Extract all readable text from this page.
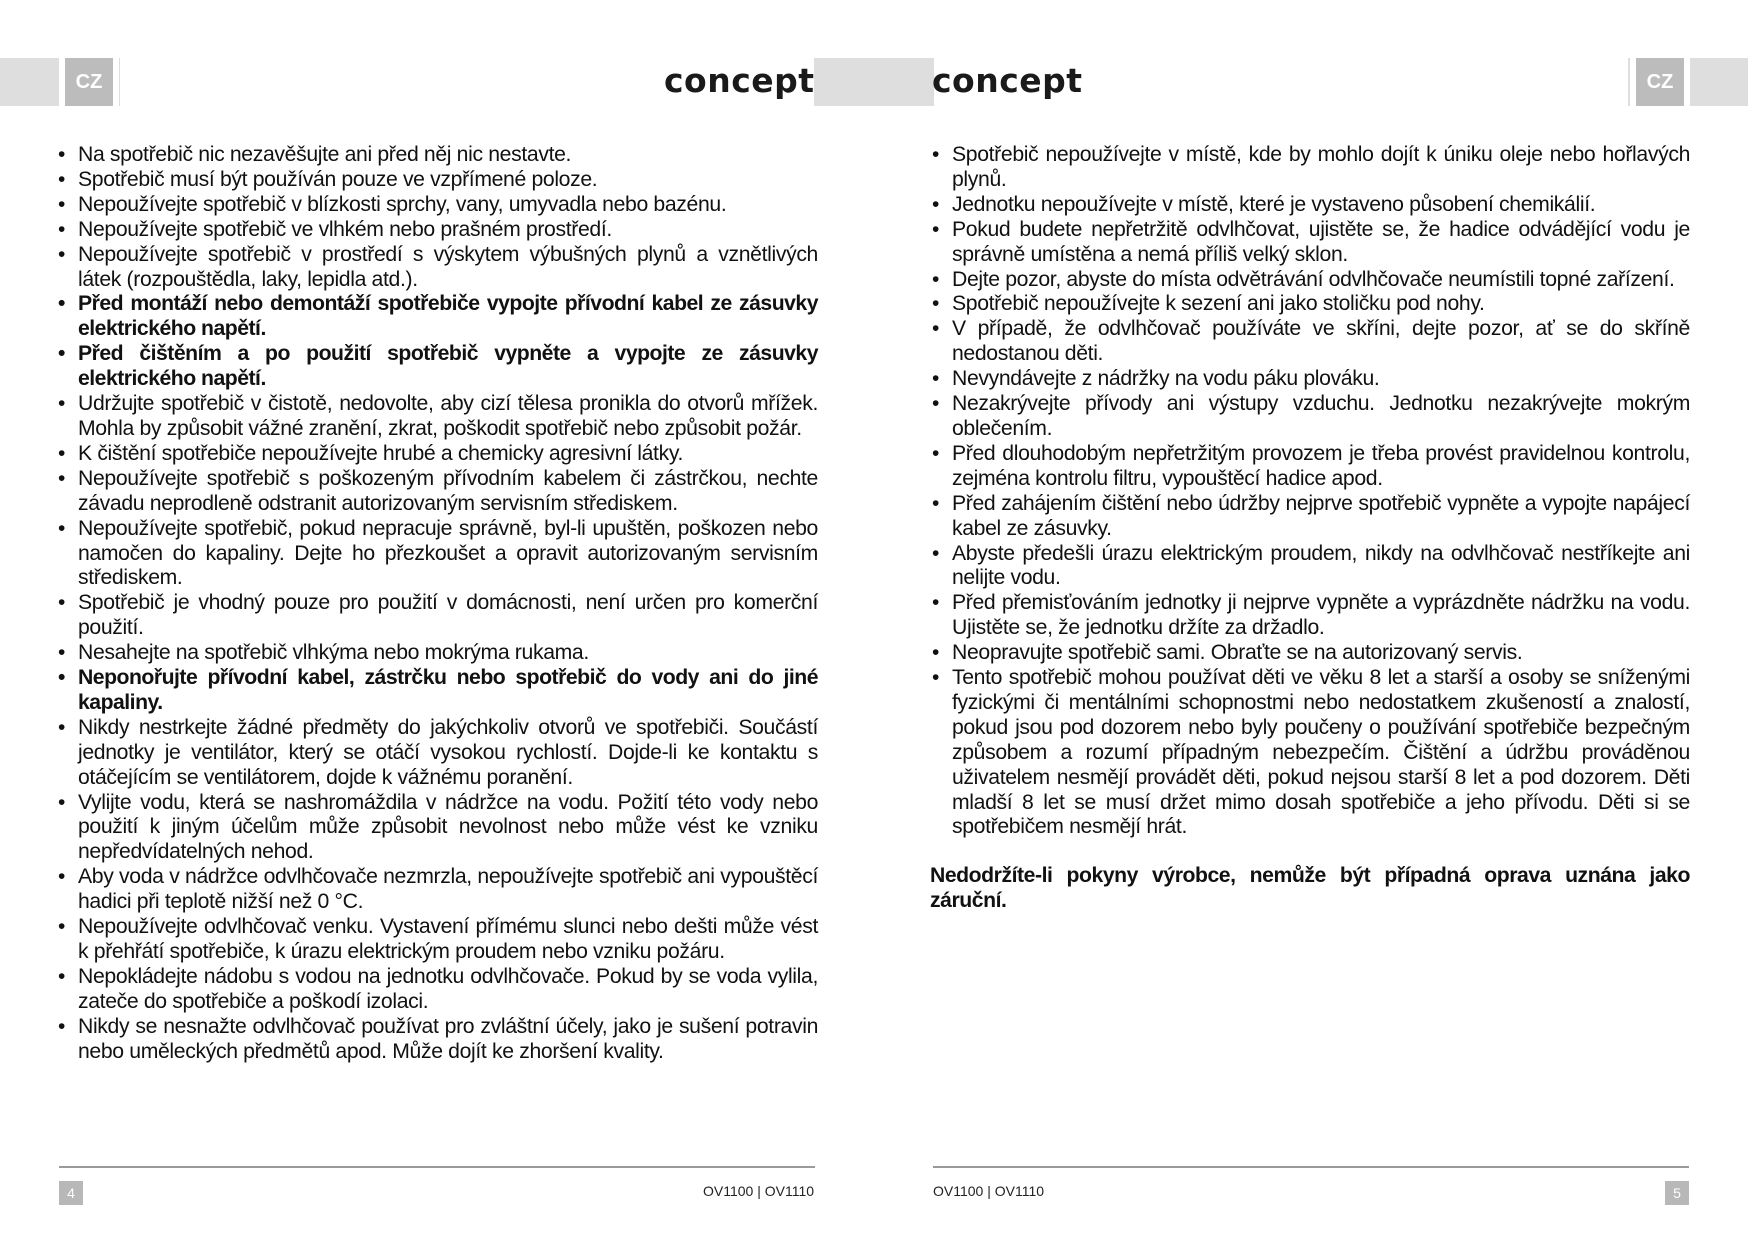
CZ	CZ
concept	concept
• Na spotřebič nic nezavěšujte ani před něj nic nestavte.
• Spotřebič musí být používán pouze ve vzpřímené poloze.
• Nepoužívejte spotřebič v blízkosti sprchy, vany, umyvadla nebo bazénu.
• Nepoužívejte spotřebič ve vlhkém nebo prašném prostředí.
• Nepoužívejte spotřebič v prostředí s výskytem výbušných plynů a vznětlivých látek (rozpouštědla, laky, lepidla atd.).
• Před montáží nebo demontáží spotřebiče vypojte přívodní kabel ze zásuvky elektrického napětí.
• Před čištěním a po použití spotřebič vypněte a vypojte ze zásuvky elektrického napětí.
• Udržujte spotřebič v čistotě, nedovolte, aby cizí tělesa pronikla do otvorů mřížek. Mohla by způsobit vážné zranění, zkrat, poškodit spotřebič nebo způsobit požár.
• K čištění spotřebiče nepoužívejte hrubé a chemicky agresivní látky.
• Nepoužívejte spotřebič s poškozeným přívodním kabelem či zástrčkou, nechte závadu neprodleně odstranit autorizovaným servisním střediskem.
• Nepoužívejte spotřebič, pokud nepracuje správně, byl-li upuštěn, poškozen nebo namočen do kapaliny. Dejte ho přezkoušet a opravit autorizovaným servisním střediskem.
• Spotřebič je vhodný pouze pro použití v domácnosti, není určen pro komerční použití.
• Nesahejte na spotřebič vlhkýma nebo mokrýma rukama.
• Neponořujte přívodní kabel, zástrčku nebo spotřebič do vody ani do jiné kapaliny.
• Nikdy nestrkejte žádné předměty do jakýchkoliv otvorů ve spotřebiči. Součástí jednotky je ventilátor, který se otáčí vysokou rychlostí. Dojde-li ke kontaktu s otáčejícím se ventilátorem, dojde k vážnému poranění.
• Vylijte vodu, která se nashromáždila v nádržce na vodu. Požití této vody nebo použití k jiným účelům může způsobit nevolnost nebo může vést ke vzniku nepředvídatelných nehod.
• Aby voda v nádržce odvlhčovače nezmrzla, nepoužívejte spotřebič ani vypouštěcí hadici při teplotě nižší než 0 °C.
• Nepoužívejte odvlhčovač venku. Vystavení přímému slunci nebo dešti může vést k přehřátí spotřebiče, k úrazu elektrickým proudem nebo vzniku požáru.
• Nepokládejte nádobu s vodou na jednotku odvlhčovače. Pokud by se voda vylila, zateče do spotřebiče a poškodí izolaci.
• Nikdy se nesnažte odvlhčovač používat pro zvláštní účely, jako je sušení potravin nebo uměleckých předmětů apod. Může dojít ke zhoršení kvality.
• Spotřebič nepoužívejte v místě, kde by mohlo dojít k úniku oleje nebo hořlavých plynů.
• Jednotku nepoužívejte v místě, které je vystaveno působení chemikálií.
• Pokud budete nepřetržitě odvlhčovat, ujistěte se, že hadice odvádějící vodu je správně umístěna a nemá příliš velký sklon.
• Dejte pozor, abyste do místa odvětrávání odvlhčovače neumístili topné zařízení.
• Spotřebič nepoužívejte k sezení ani jako stoličku pod nohy.
• V případě, že odvlhčovač používáte ve skříni, dejte pozor, ať se do skříně nedostanou děti.
• Nevyndávejte z nádržky na vodu páku plováku.
• Nezakrývejte přívody ani výstupy vzduchu. Jednotku nezakrývejte mokrým oblečením.
• Před dlouhodobým nepřetržitým provozem je třeba provést pravidelnou kontrolu, zejména kontrolu filtru, vypouštěcí hadice apod.
• Před zahájením čištění nebo údržby nejprve spotřebič vypněte a vypojte napájecí kabel ze zásuvky.
• Abyste předešli úrazu elektrickým proudem, nikdy na odvlhčovač nestříkejte ani nelijte vodu.
• Před přemisťováním jednotky ji nejprve vypněte a vyprázdněte nádržku na vodu. Ujistěte se, že jednotku držíte za držadlo.
• Neopravujte spotřebič sami. Obraťte se na autorizovaný servis.
• Tento spotřebič mohou používat děti ve věku 8 let a starší a osoby se sníženými fyzickými či mentálními schopnostmi nebo nedostatkem zkušeností a znalostí, pokud jsou pod dozorem nebo byly poučeny o používání spotřebiče bezpečným způsobem a rozumí případným nebezpečím. Čištění a údržbu prováděnou uživatelem nesmějí provádět děti, pokud nejsou starší 8 let a pod dozorem. Děti mladší 8 let se musí držet mimo dosah spotřebiče a jeho přívodu. Děti si se spotřebičem nesmějí hrát.
Nedodržíte-li pokyny výrobce, nemůže být případná oprava uznána jako záruční.
4	5
OV1100 | OV1110	OV1100 | OV1110
